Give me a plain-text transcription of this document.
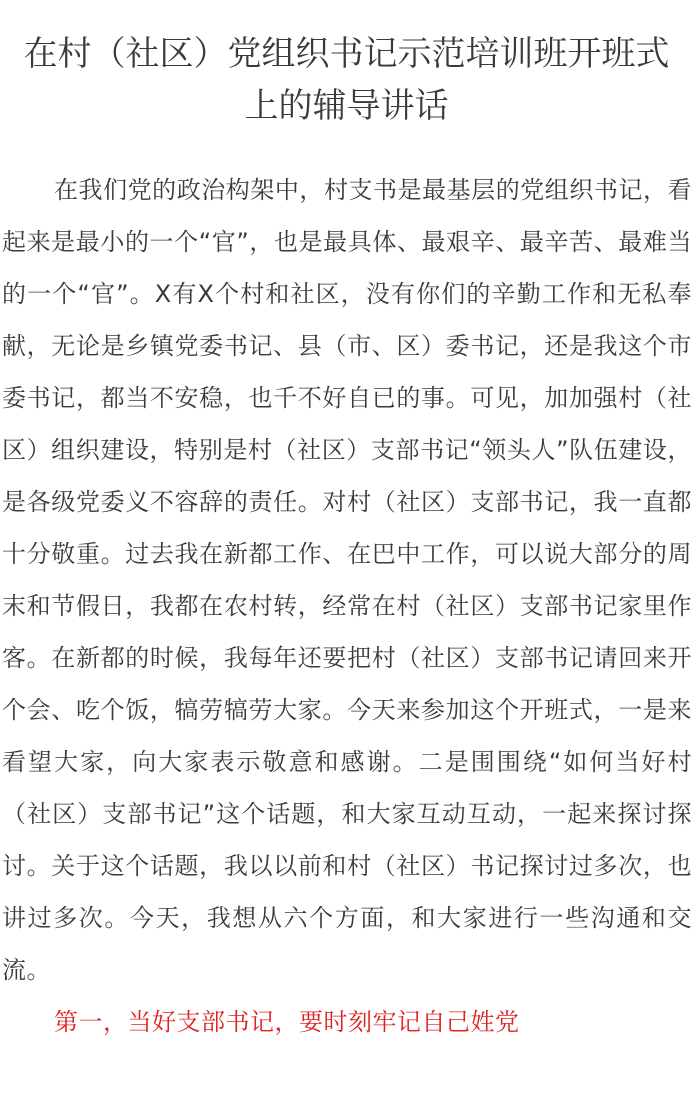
在村（社区）党组织书记示范培训班开班式
上的辅导讲话

在我们党的政治构架中，村支书是最基层的党组织书记，看起来是最小的一个“官”，也是最具体、最艰辛、最辛苦、最难当的一个“官”。X有X个村和社区，没有你们的辛勤工作和无私奉献，无论是乡镇党委书记、县（市、区）委书记，还是我这个市委书记，都当不安稳，也千不好自已的事。可见，加加强村（社区）组织建设，特别是村（社区）支部书记“领头人”队伍建设，是各级党委义不容辞的责任。对村（社区）支部书记，我一直都十分敬重。过去我在新都工作、在巴中工作，可以说大部分的周末和节假日，我都在农村转，经常在村（社区）支部书记家里作客。在新都的时候，我每年还要把村（社区）支部书记请回来开个会、吃个饭，犒劳犒劳大家。今天来参加这个开班式，一是来看望大家，向大家表示敬意和感谢。二是围围绕“如何当好村（社区）支部书记”这个话题，和大家互动互动，一起来探讨探讨。关于这个话题，我以以前和村（社区）书记探讨过多次，也讲过多次。今天，我想从六个方面，和大家进行一些沟通和交流。

第一，当好支部书记，要时刻牢记自己姓党
